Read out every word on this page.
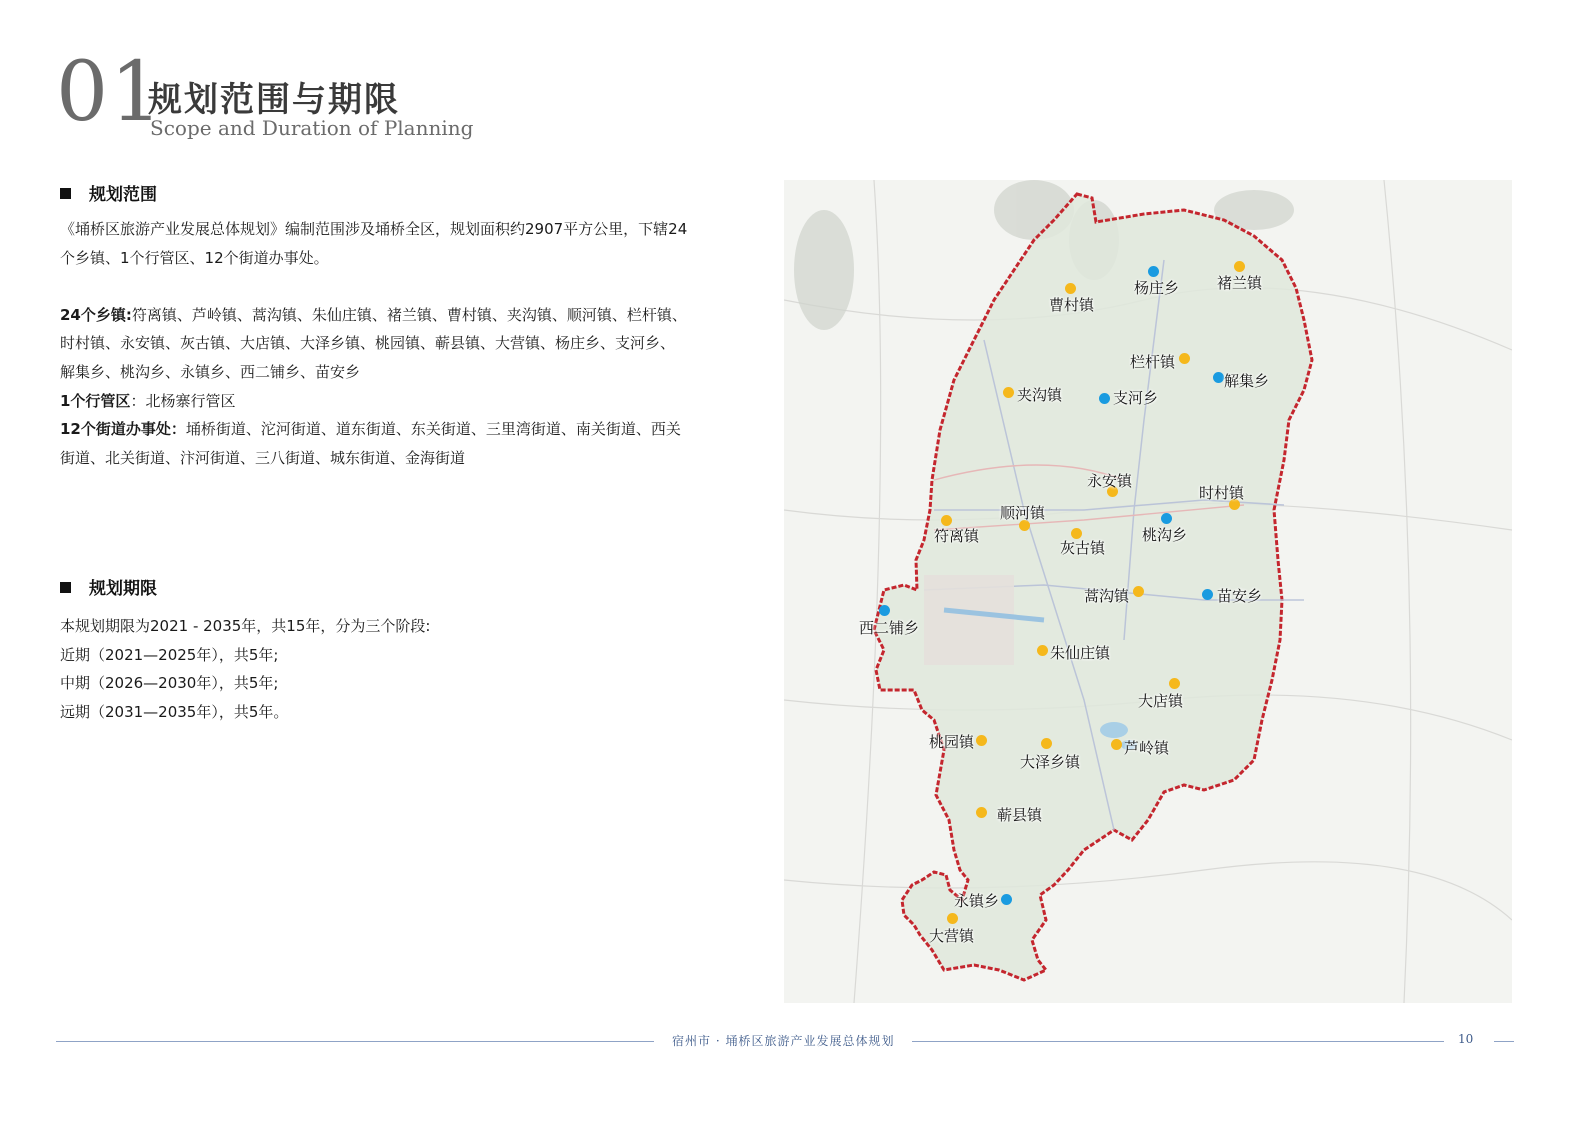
01
规划范围与期限
Scope and Duration of Planning
规划范围
《埇桥区旅游产业发展总体规划》编制范围涉及埇桥全区，规划面积约2907平方公里，下辖24
个乡镇、1个行管区、12个街道办事处。
24个乡镇:符离镇、芦岭镇、蒿沟镇、朱仙庄镇、褚兰镇、曹村镇、夹沟镇、顺河镇、栏杆镇、
时村镇、永安镇、灰古镇、大店镇、大泽乡镇、桃园镇、蕲县镇、大营镇、杨庄乡、支河乡、
解集乡、桃沟乡、永镇乡、西二铺乡、苗安乡
1个行管区：北杨寨行管区
12个街道办事处：埇桥街道、沱河街道、道东街道、东关街道、三里湾街道、南关街道、西关
街道、北关街道、汴河街道、三八街道、城东街道、金海街道
规划期限
本规划期限为2021 - 2035年，共15年，分为三个阶段:
近期（2021—2025年），共5年;
中期（2026—2030年），共5年;
远期（2031—2035年），共5年。
曹村镇
杨庄乡	褚兰镇
栏杆镇
解集乡
夹沟镇	支河乡
永安镇
时村镇
顺河镇
符离镇
灰古镇
桃沟乡
蒿沟镇	苗安乡
西二铺乡
朱仙庄镇
大店镇
桃园镇
大泽乡镇
芦岭镇
蕲县镇
永镇乡
大营镇
宿州市 · 埇桥区旅游产业发展总体规划	10
